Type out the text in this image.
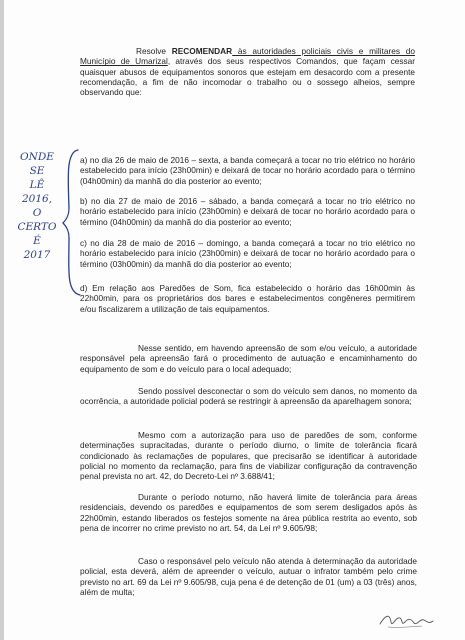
Resolve RECOMENDAR às autoridades policiais civis e militares do Município de Umarizal, através dos seus respectivos Comandos, que façam cessar quaisquer abusos de equipamentos sonoros que estejam em desacordo com a presente recomendação, a fim de não incomodar o trabalho ou o sossego alheios, sempre observando que:
ONDE
SE
LÊ
2016,
O
CERTO
É
2017
a) no dia 26 de maio de 2016 – sexta, a banda começará a tocar no trio elétrico no horário estabelecido para início (23h00min) e deixará de tocar no horário acordado para o término (04h00min) da manhã do dia posterior ao evento;
b) no dia 27 de maio de 2016 – sábado, a banda começará a tocar no trio elétrico no horário estabelecido para início (23h00min) e deixará de tocar no horário acordado para o término (04h00min) da manhã do dia posterior ao evento;
c) no dia 28 de maio de 2016 – domingo, a banda começará a tocar no trio elétrico no horário estabelecido para início (23h00min) e deixará de tocar no horário acordado para o término (03h00min) da manhã do dia posterior ao evento;
d) Em relação aos Paredões de Som, fica estabelecido o horário das 16h00min às 22h00min, para os proprietários dos bares e estabelecimentos congêneres permitirem e/ou fiscalizarem a utilização de tais equipamentos.
Nesse sentido, em havendo apreensão de som e/ou veículo, a autoridade responsável pela apreensão fará o procedimento de autuação e encaminhamento do equipamento de som e do veículo para o local adequado;
Sendo possível desconectar o som do veículo sem danos, no momento da ocorrência, a autoridade policial poderá se restringir à apreensão da aparelhagem sonora;
Mesmo com a autorização para uso de paredões de som, conforme determinações supracitadas, durante o período diurno, o limite de tolerância ficará condicionado às reclamações de populares, que precisarão se identificar à autoridade policial no momento da reclamação, para fins de viabilizar configuração da contravenção penal prevista no art. 42, do Decreto-Lei nº 3.688/41;
Durante o período noturno, não haverá limite de tolerância para áreas residenciais, devendo os paredões e equipamentos de som serem desligados após às 22h00min, estando liberados os festejos somente na área pública restrita ao evento, sob pena de incorrer no crime previsto no art. 54, da Lei nº 9.605/98;
Caso o responsável pelo veículo não atenda à determinação da autoridade policial, esta deverá, além de apreender o veículo, autuar o infrator também pelo crime previsto no art. 69 da Lei nº 9.605/98, cuja pena é de detenção de 01 (um) a 03 (três) anos, além de multa;
